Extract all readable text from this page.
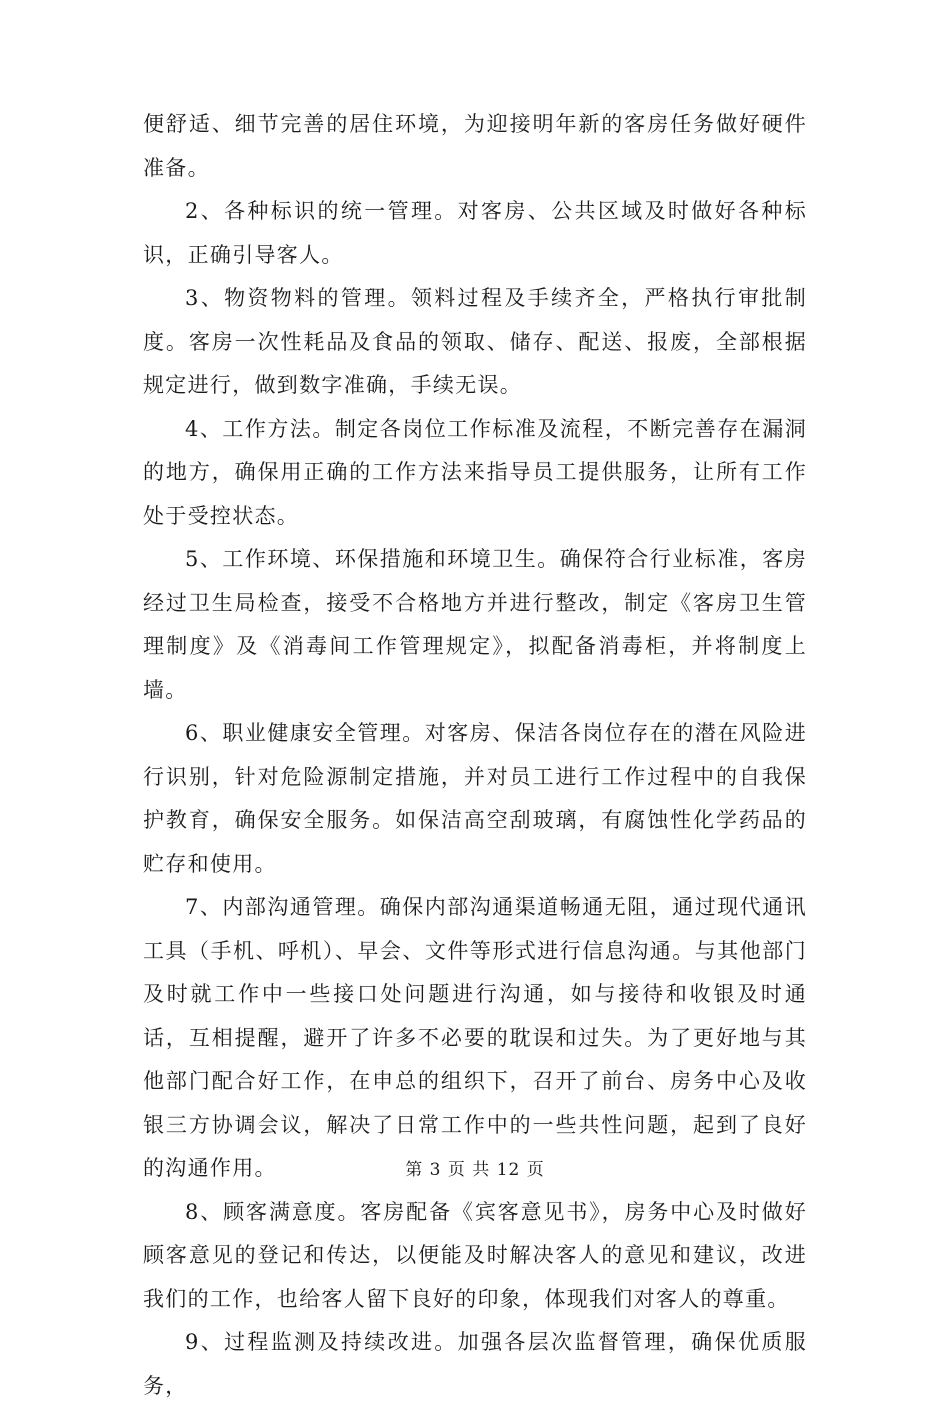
便舒适、细节完善的居住环境，为迎接明年新的客房任务做好硬件准备。

2、各种标识的统一管理。对客房、公共区域及时做好各种标识，正确引导客人。

3、物资物料的管理。领料过程及手续齐全，严格执行审批制度。客房一次性耗品及食品的领取、储存、配送、报废，全部根据规定进行，做到数字准确，手续无误。

4、工作方法。制定各岗位工作标准及流程，不断完善存在漏洞的地方，确保用正确的工作方法来指导员工提供服务，让所有工作处于受控状态。

5、工作环境、环保措施和环境卫生。确保符合行业标准，客房经过卫生局检查，接受不合格地方并进行整改，制定《客房卫生管理制度》及《消毒间工作管理规定》，拟配备消毒柜，并将制度上墙。

6、职业健康安全管理。对客房、保洁各岗位存在的潜在风险进行识别，针对危险源制定措施，并对员工进行工作过程中的自我保护教育，确保安全服务。如保洁高空刮玻璃，有腐蚀性化学药品的贮存和使用。

7、内部沟通管理。确保内部沟通渠道畅通无阻，通过现代通讯工具（手机、呼机）、早会、文件等形式进行信息沟通。与其他部门及时就工作中一些接口处问题进行沟通，如与接待和收银及时通话，互相提醒，避开了许多不必要的耽误和过失。为了更好地与其他部门配合好工作，在申总的组织下，召开了前台、房务中心及收银三方协调会议，解决了日常工作中的一些共性问题，起到了良好的沟通作用。

8、顾客满意度。客房配备《宾客意见书》，房务中心及时做好顾客意见的登记和传达，以便能及时解决客人的意见和建议，改进我们的工作，也给客人留下良好的印象，体现我们对客人的尊重。

9、过程监测及持续改进。加强各层次监督管理，确保优质服务，

第 3 页 共 12 页
